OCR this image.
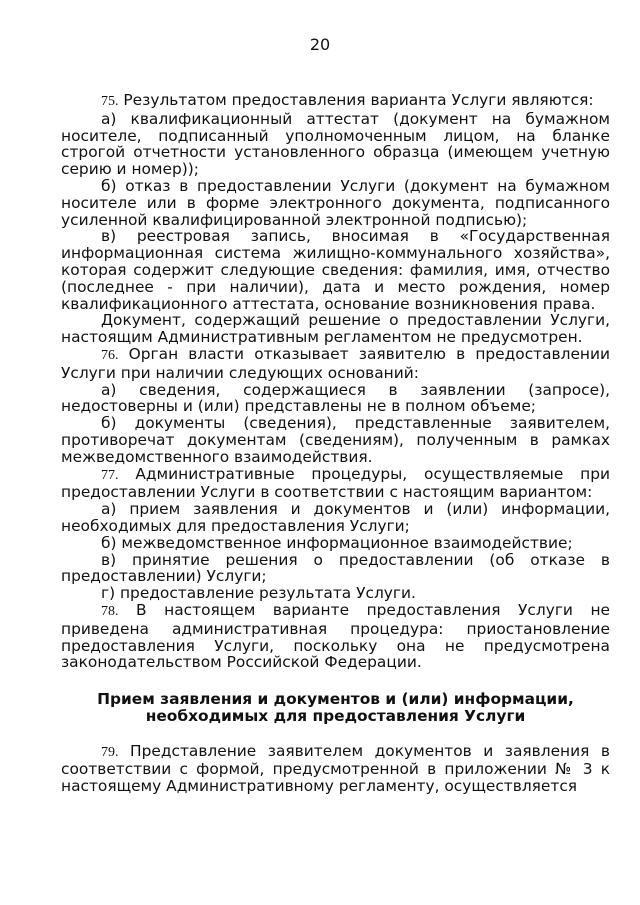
20

75. Результатом предоставления варианта Услуги являются:

а) квалификационный аттестат (документ на бумажном носителе, подписанный уполномоченным лицом, на бланке строгой отчетности установленного образца (имеющем учетную серию и номер));

б) отказ в предоставлении Услуги (документ на бумажном носителе или в форме электронного документа, подписанного усиленной квалифицированной электронной подписью);

в) реестровая запись, вносимая в «Государственная информационная система жилищно-коммунального хозяйства», которая содержит следующие сведения: фамилия, имя, отчество (последнее - при наличии), дата и место рождения, номер квалификационного аттестата, основание возникновения права.

Документ, содержащий решение о предоставлении Услуги, настоящим Административным регламентом не предусмотрен.

76. Орган власти отказывает заявителю в предоставлении Услуги при наличии следующих оснований:

а) сведения, содержащиеся в заявлении (запросе), недостоверны и (или) представлены не в полном объеме;

б) документы (сведения), представленные заявителем, противоречат документам (сведениям), полученным в рамках межведомственного взаимодействия.

77. Административные процедуры, осуществляемые при предоставлении Услуги в соответствии с настоящим вариантом:

а) прием заявления и документов и (или) информации, необходимых для предоставления Услуги;

б) межведомственное информационное взаимодействие;

в) принятие решения о предоставлении (об отказе в предоставлении) Услуги;

г) предоставление результата Услуги.

78. В настоящем варианте предоставления Услуги не приведена административная процедура: приостановление предоставления Услуги, поскольку она не предусмотрена законодательством Российской Федерации.

Прием заявления и документов и (или) информации,
необходимых для предоставления Услуги

79. Представление заявителем документов и заявления в соответствии с формой, предусмотренной в приложении № 3 к настоящему Административному регламенту, осуществляется
